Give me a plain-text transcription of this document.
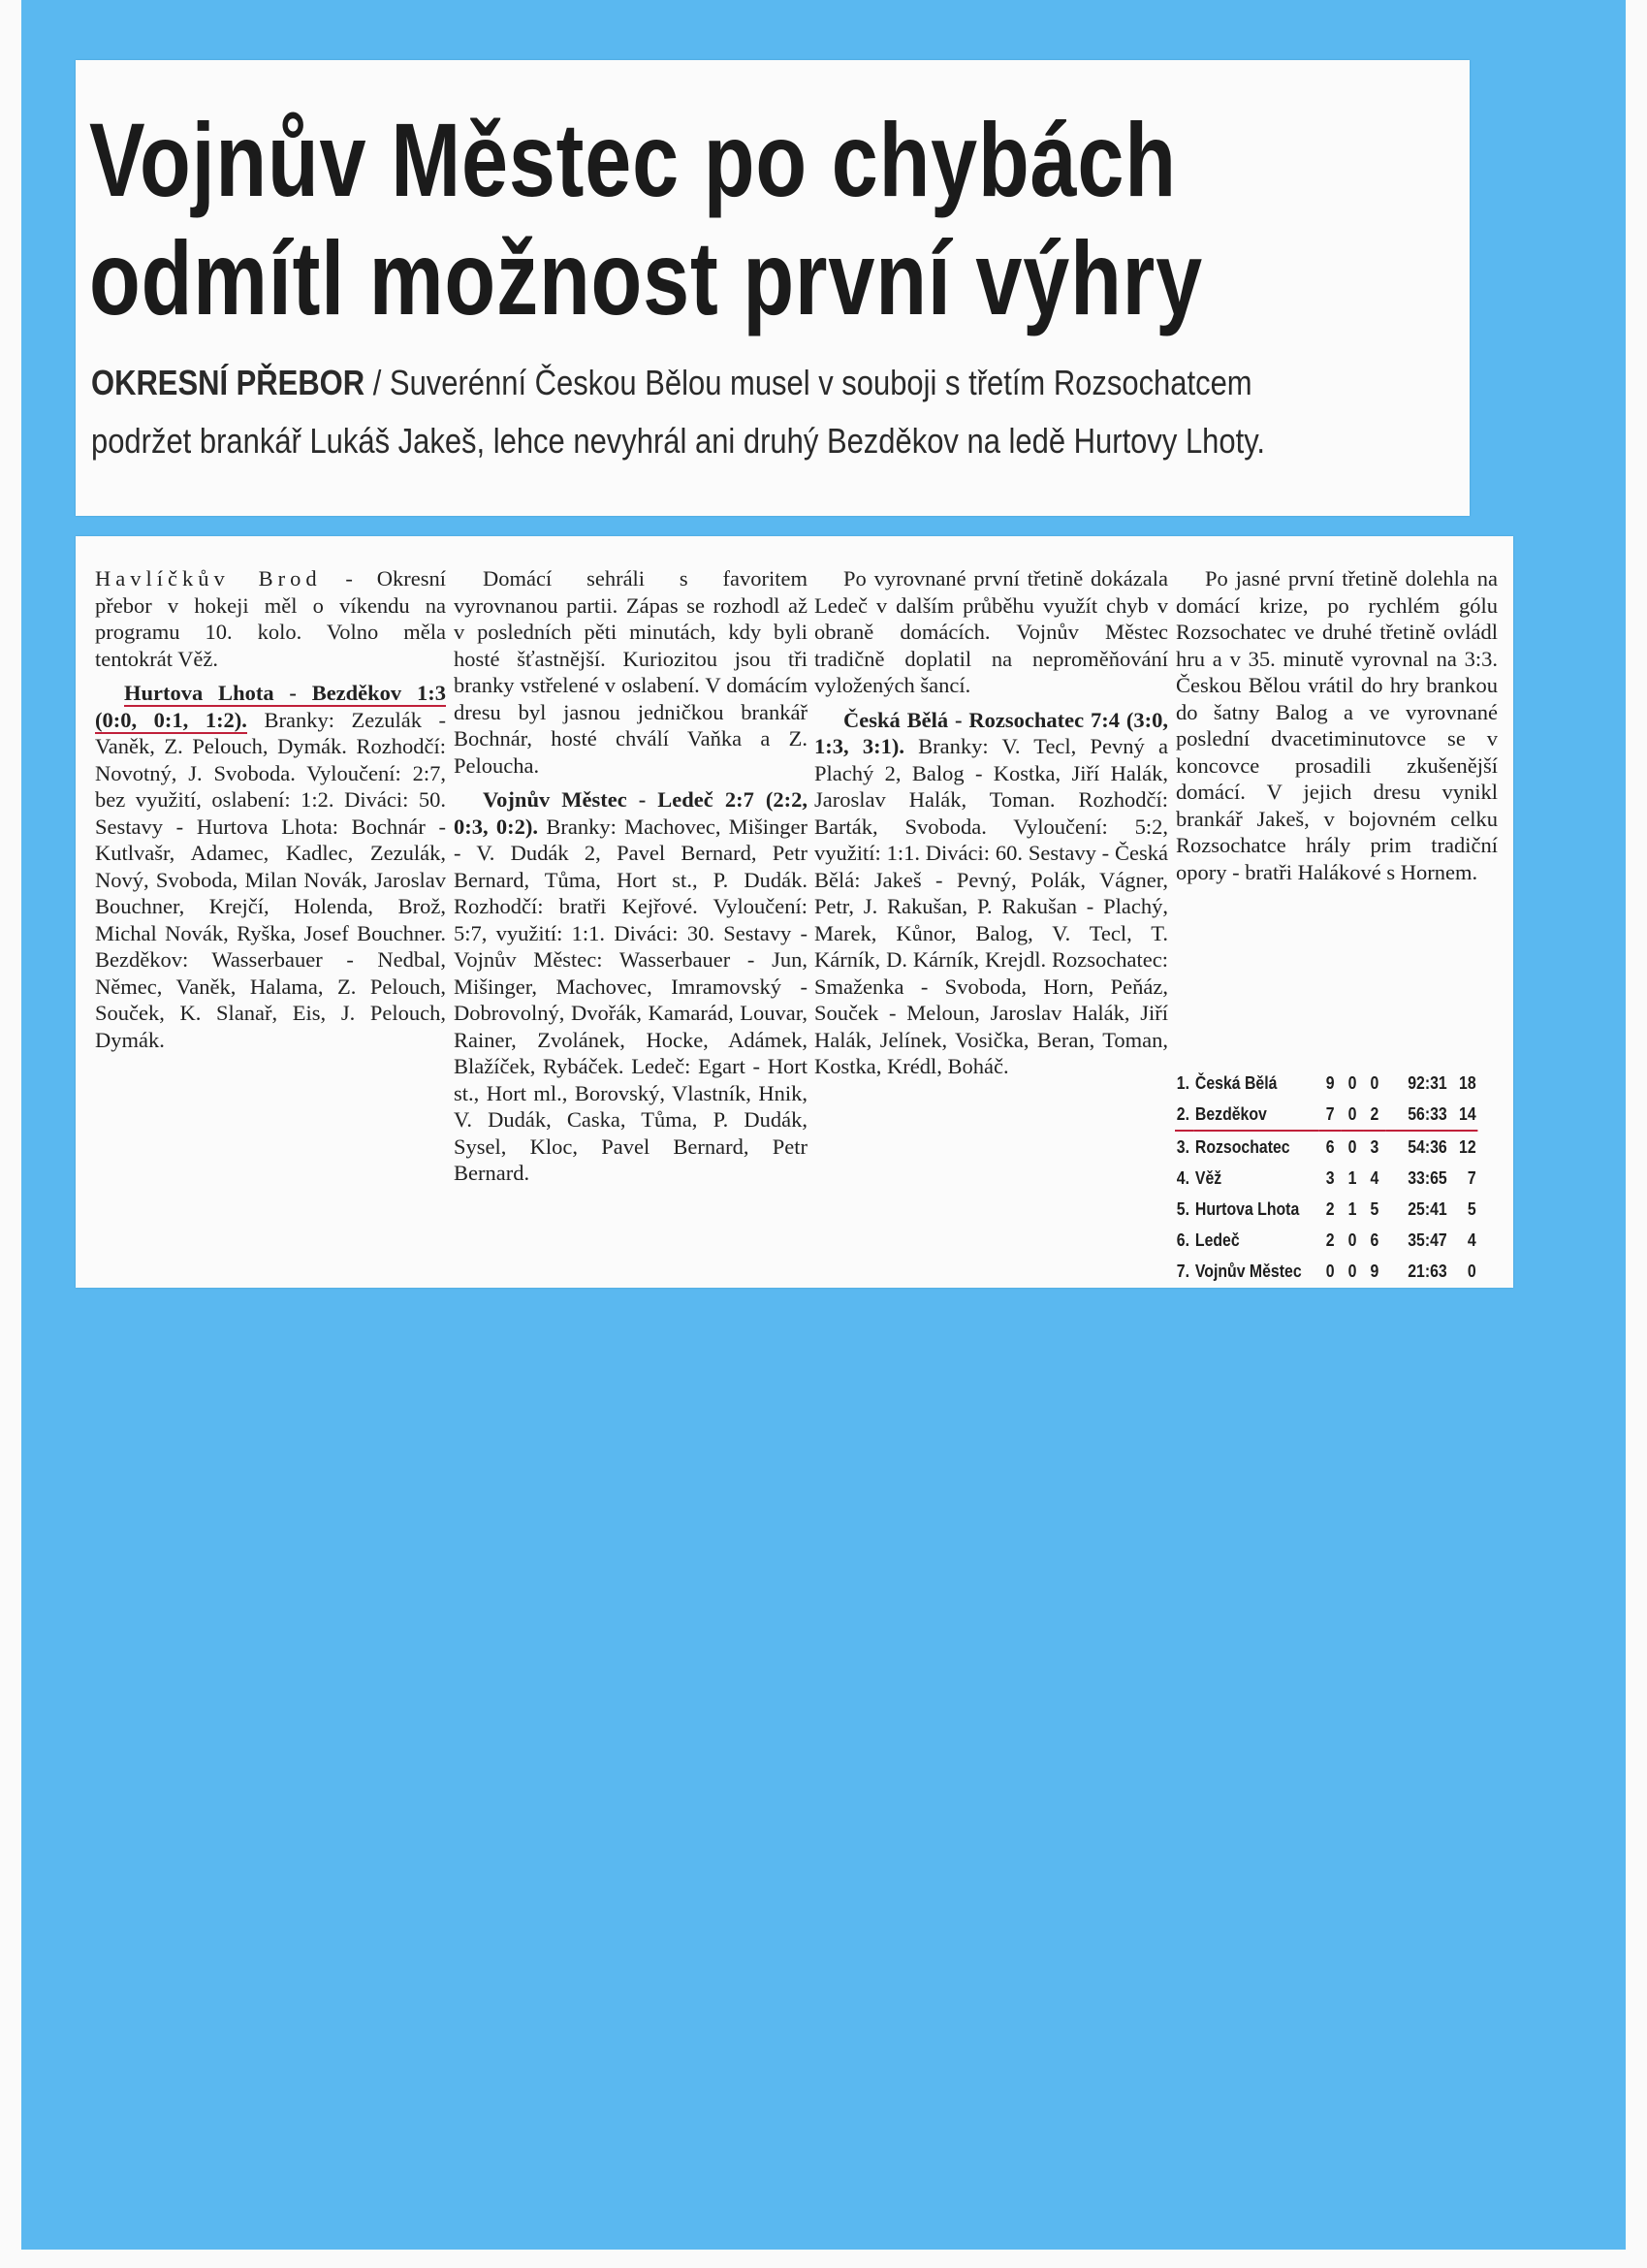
Vojnův Městec po chybách
odmítl možnost první výhry
OKRESNÍ PŘEBOR / Suverénní Českou Bělou musel v souboji s třetím Rozsochatcem
podržet brankář Lukáš Jakeš, lehce nevyhrál ani druhý Bezděkov na ledě Hurtovy Lhoty.

Havlíčkův Brod - Okresní přebor v hokeji měl o víkendu na programu 10. kolo. Volno měla tentokrát Věž.

Hurtova Lhota - Bezděkov 1:3 (0:0, 0:1, 1:2). Branky: Zezulák - Vaněk, Z. Pelouch, Dymák. Rozhodčí: Novotný, J. Svoboda. Vyloučení: 2:7, bez využití, oslabení: 1:2. Diváci: 50. Sestavy - Hurtova Lhota: Bochnár - Kutlvašr, Adamec, Kadlec, Zezulák, Nový, Svoboda, Milan Novák, Jaroslav Bouchner, Krejčí, Holenda, Brož, Michal Novák, Ryška, Josef Bouchner. Bezděkov: Wasserbauer - Nedbal, Němec, Vaněk, Halama, Z. Pelouch, Souček, K. Slanař, Eis, J. Pelouch, Dymák.

Domácí sehráli s favoritem vyrovnanou partii. Zápas se rozhodl až v posledních pěti minutách, kdy byli hosté šťastnější. Kuriozitou jsou tři branky vstřelené v oslabení. V domácím dresu byl jasnou jedničkou brankář Bochnár, hosté chválí Vaňka a Z. Peloucha.

Vojnův Městec - Ledeč 2:7 (2:2, 0:3, 0:2). Branky: Machovec, Mišinger - V. Dudák 2, Pavel Bernard, Petr Bernard, Tůma, Hort st., P. Dudák. Rozhodčí: bratři Kejřové. Vyloučení: 5:7, využití: 1:1. Diváci: 30. Sestavy - Vojnův Městec: Wasserbauer - Jun, Mišinger, Machovec, Imramovský - Dobrovolný, Dvořák, Kamarád, Louvar, Rainer, Zvolánek, Hocke, Adámek, Blažíček, Rybáček. Ledeč: Egart - Hort st., Hort ml., Borovský, Vlastník, Hnik, V. Dudák, Caska, Tůma, P. Dudák, Sysel, Kloc, Pavel Bernard, Petr Bernard.

Po vyrovnané první třetině dokázala Ledeč v dalším průběhu využít chyb v obraně domácích. Vojnův Městec tradičně doplatil na neproměňování vyložených šancí.

Česká Bělá - Rozsochatec 7:4 (3:0, 1:3, 3:1). Branky: V. Tecl, Pevný a Plachý 2, Balog - Kostka, Jiří Halák, Jaroslav Halák, Toman. Rozhodčí: Barták, Svoboda. Vyloučení: 5:2, využití: 1:1. Diváci: 60. Sestavy - Česká Bělá: Jakeš - Pevný, Polák, Vágner, Petr, J. Rakušan, P. Rakušan - Plachý, Marek, Kůnor, Balog, V. Tecl, T. Kárník, D. Kárník, Krejdl. Rozsochatec: Smaženka - Svoboda, Horn, Peňáz, Souček - Meloun, Jaroslav Halák, Jiří Halák, Jelínek, Vosička, Beran, Toman, Kostka, Krédl, Boháč.

Po jasné první třetině dolehla na domácí krize, po rychlém gólu Rozsochatec ve druhé třetině ovládl hru a v 35. minutě vyrovnal na 3:3. Českou Bělou vrátil do hry brankou do šatny Balog a ve vyrovnané poslední dvacetiminutovce se v koncovce prosadili zkušenější domácí. V jejich dresu vynikl brankář Jakeš, v bojovném celku Rozsochatce hrály prim tradiční opory - bratři Halákové s Hornem.

1.	Česká Bělá	9	0	0	92:31	18
2.	Bezděkov	7	0	2	56:33	14
3.	Rozsochatec	6	0	3	54:36	12
4.	Věž	3	1	4	33:65	7
5.	Hurtova Lhota	2	1	5	25:41	5
6.	Ledeč	2	0	6	35:47	4
7.	Vojnův Městec	0	0	9	21:63	0
